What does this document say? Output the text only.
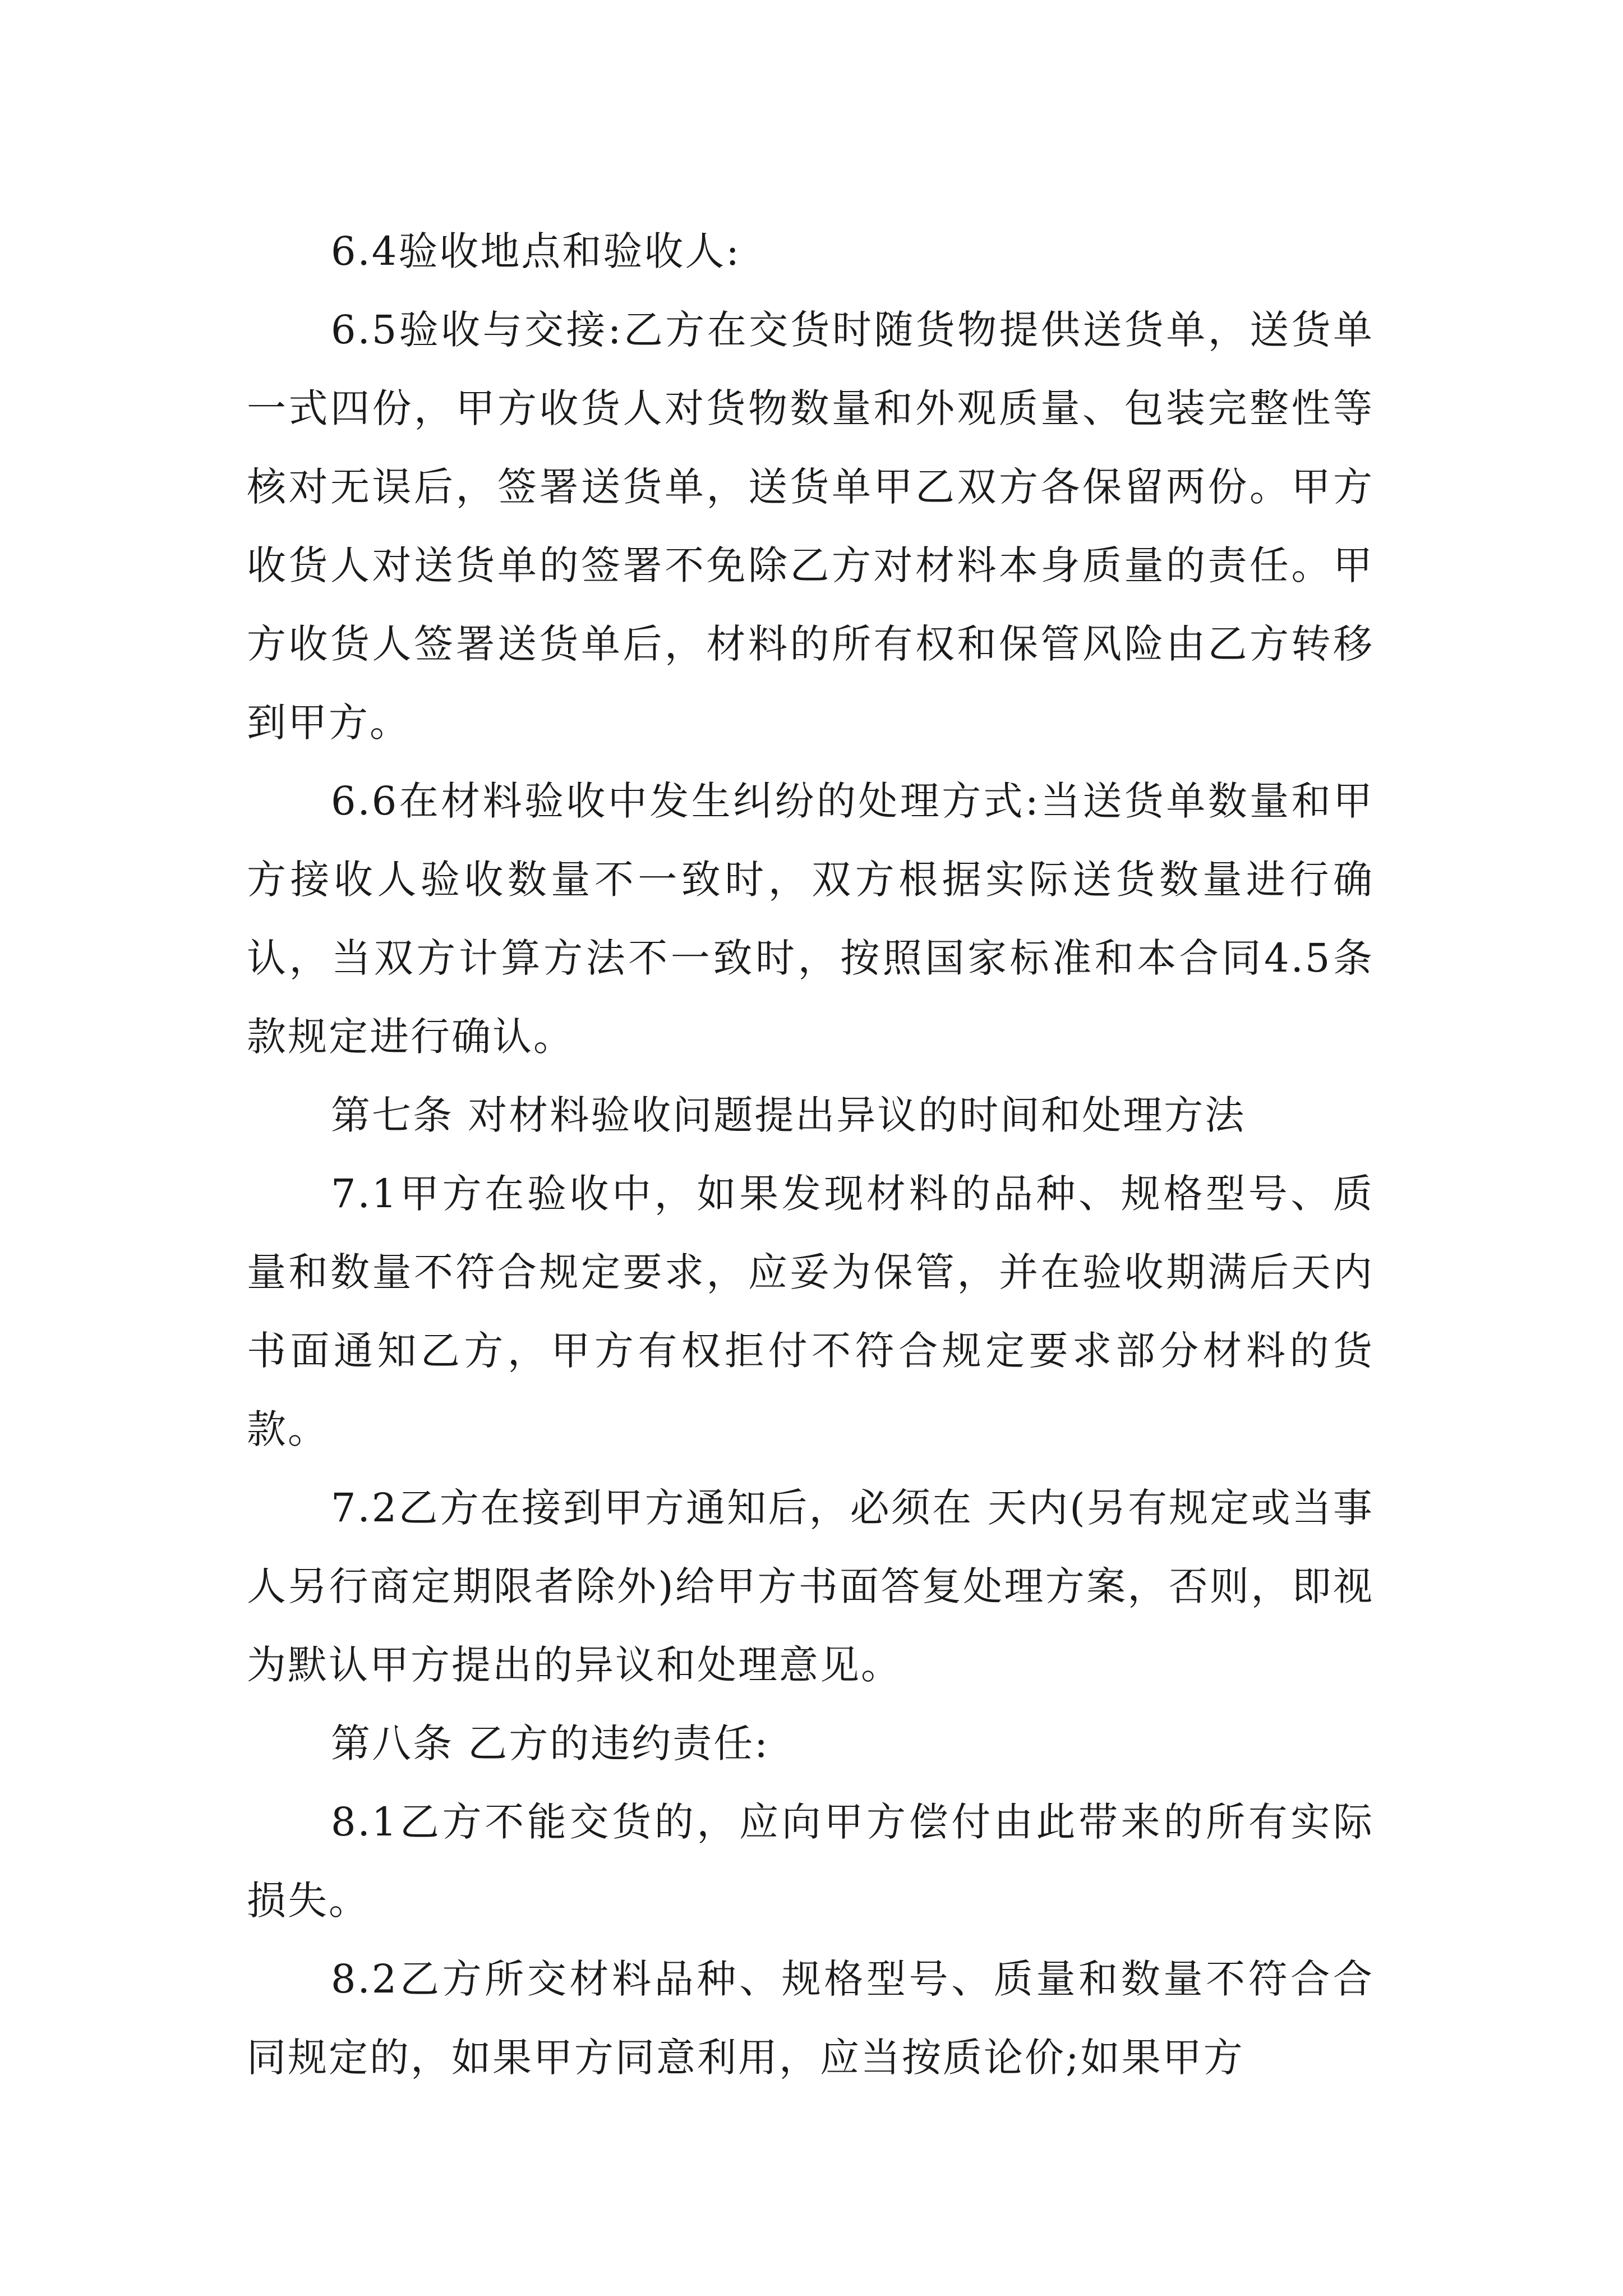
6.4验收地点和验收人:

6.5验收与交接:乙方在交货时随货物提供送货单，送货单一式四份，甲方收货人对货物数量和外观质量、包装完整性等核对无误后，签署送货单，送货单甲乙双方各保留两份。甲方收货人对送货单的签署不免除乙方对材料本身质量的责任。甲方收货人签署送货单后，材料的所有权和保管风险由乙方转移到甲方。

6.6在材料验收中发生纠纷的处理方式:当送货单数量和甲方接收人验收数量不一致时，双方根据实际送货数量进行确认，当双方计算方法不一致时，按照国家标准和本合同4.5条款规定进行确认。

第七条 对材料验收问题提出异议的时间和处理方法

7.1甲方在验收中，如果发现材料的品种、规格型号、质量和数量不符合规定要求，应妥为保管，并在验收期满后天内书面通知乙方，甲方有权拒付不符合规定要求部分材料的货款。

7.2乙方在接到甲方通知后，必须在 天内(另有规定或当事人另行商定期限者除外)给甲方书面答复处理方案，否则，即视为默认甲方提出的异议和处理意见。

第八条 乙方的违约责任:

8.1乙方不能交货的，应向甲方偿付由此带来的所有实际损失。

8.2乙方所交材料品种、规格型号、质量和数量不符合合同规定的，如果甲方同意利用，应当按质论价;如果甲方
